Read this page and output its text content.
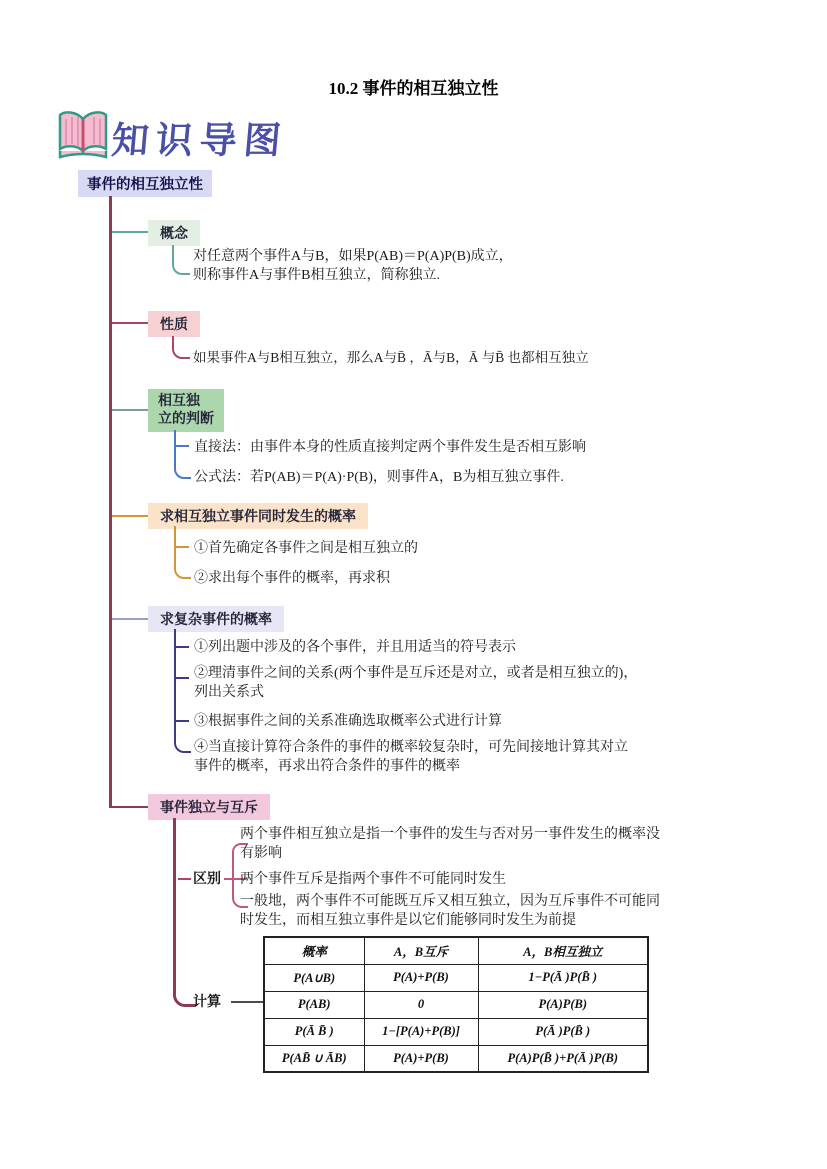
10.2 事件的相互独立性
知识导图
事件的相互独立性
概念
对任意两个事件A与B，如果P(AB)＝P(A)P(B)成立，
则称事件A与事件B相互独立，简称独立.
性质
如果事件A与B相互独立，那么A与B̄ ，Ā与B，Ā 与B̄ 也都相互独立
相互独
立的判断
直接法：由事件本身的性质直接判定两个事件发生是否相互影响
公式法：若P(AB)＝P(A)·P(B)，则事件A，B为相互独立事件.
求相互独立事件同时发生的概率
①首先确定各事件之间是相互独立的
②求出每个事件的概率，再求积
求复杂事件的概率
①列出题中涉及的各个事件，并且用适当的符号表示
②理清事件之间的关系(两个事件是互斥还是对立，或者是相互独立的)，列出关系式
③根据事件之间的关系准确选取概率公式进行计算
④当直接计算符合条件的事件的概率较复杂时，可先间接地计算其对立事件的概率，再求出符合条件的事件的概率
事件独立与互斥
区别
两个事件相互独立是指一个事件的发生与否对另一事件发生的概率没有影响
两个事件互斥是指两个事件不可能同时发生
一般地，两个事件不可能既互斥又相互独立，因为互斥事件不可能同时发生，而相互独立事件是以它们能够同时发生为前提
计算
概率	A，B互斥	A，B相互独立
P(A∪B)	P(A)+P(B)	1−P(Ā )P(B̄ )
P(AB)	0	P(A)P(B)
P(Ā B̄ )	1−[P(A)+P(B)]	P(Ā )P(B̄ )
P(AB̄ ∪ ĀB)	P(A)+P(B)	P(A)P(B̄ )+P(Ā )P(B)
